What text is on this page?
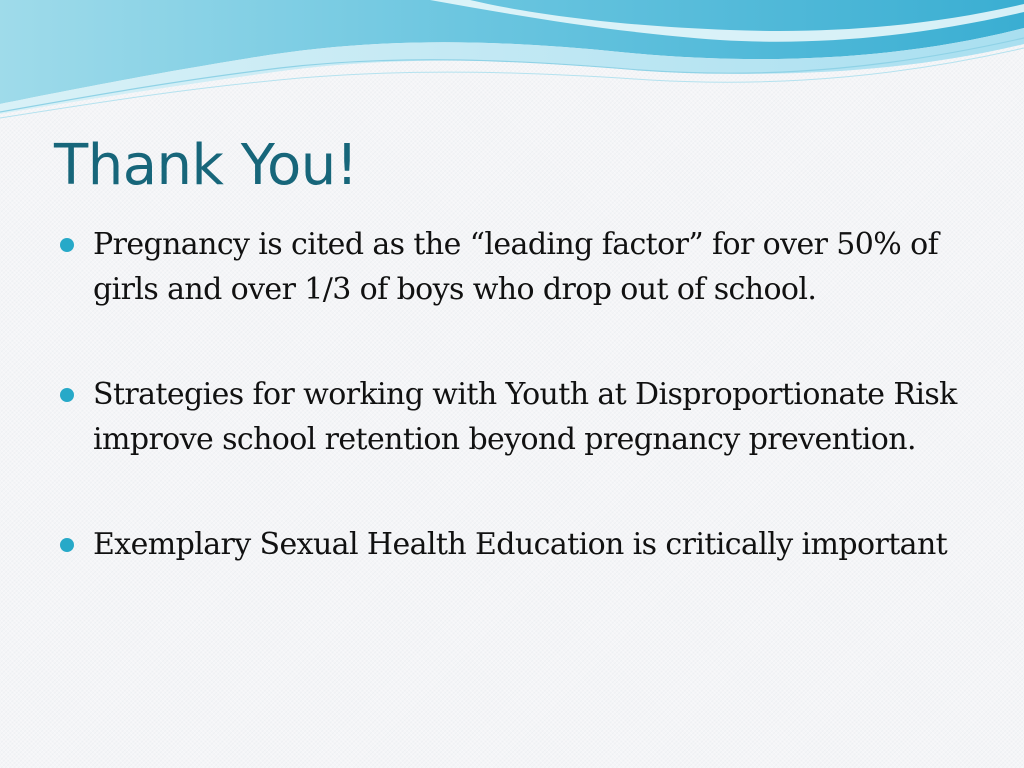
Thank You!
Pregnancy is cited as the “leading factor” for over 50% of girls and over 1/3 of boys who drop out of school.
Strategies for working with Youth at Disproportionate Risk improve school retention beyond pregnancy prevention.
Exemplary Sexual Health Education is critically important
